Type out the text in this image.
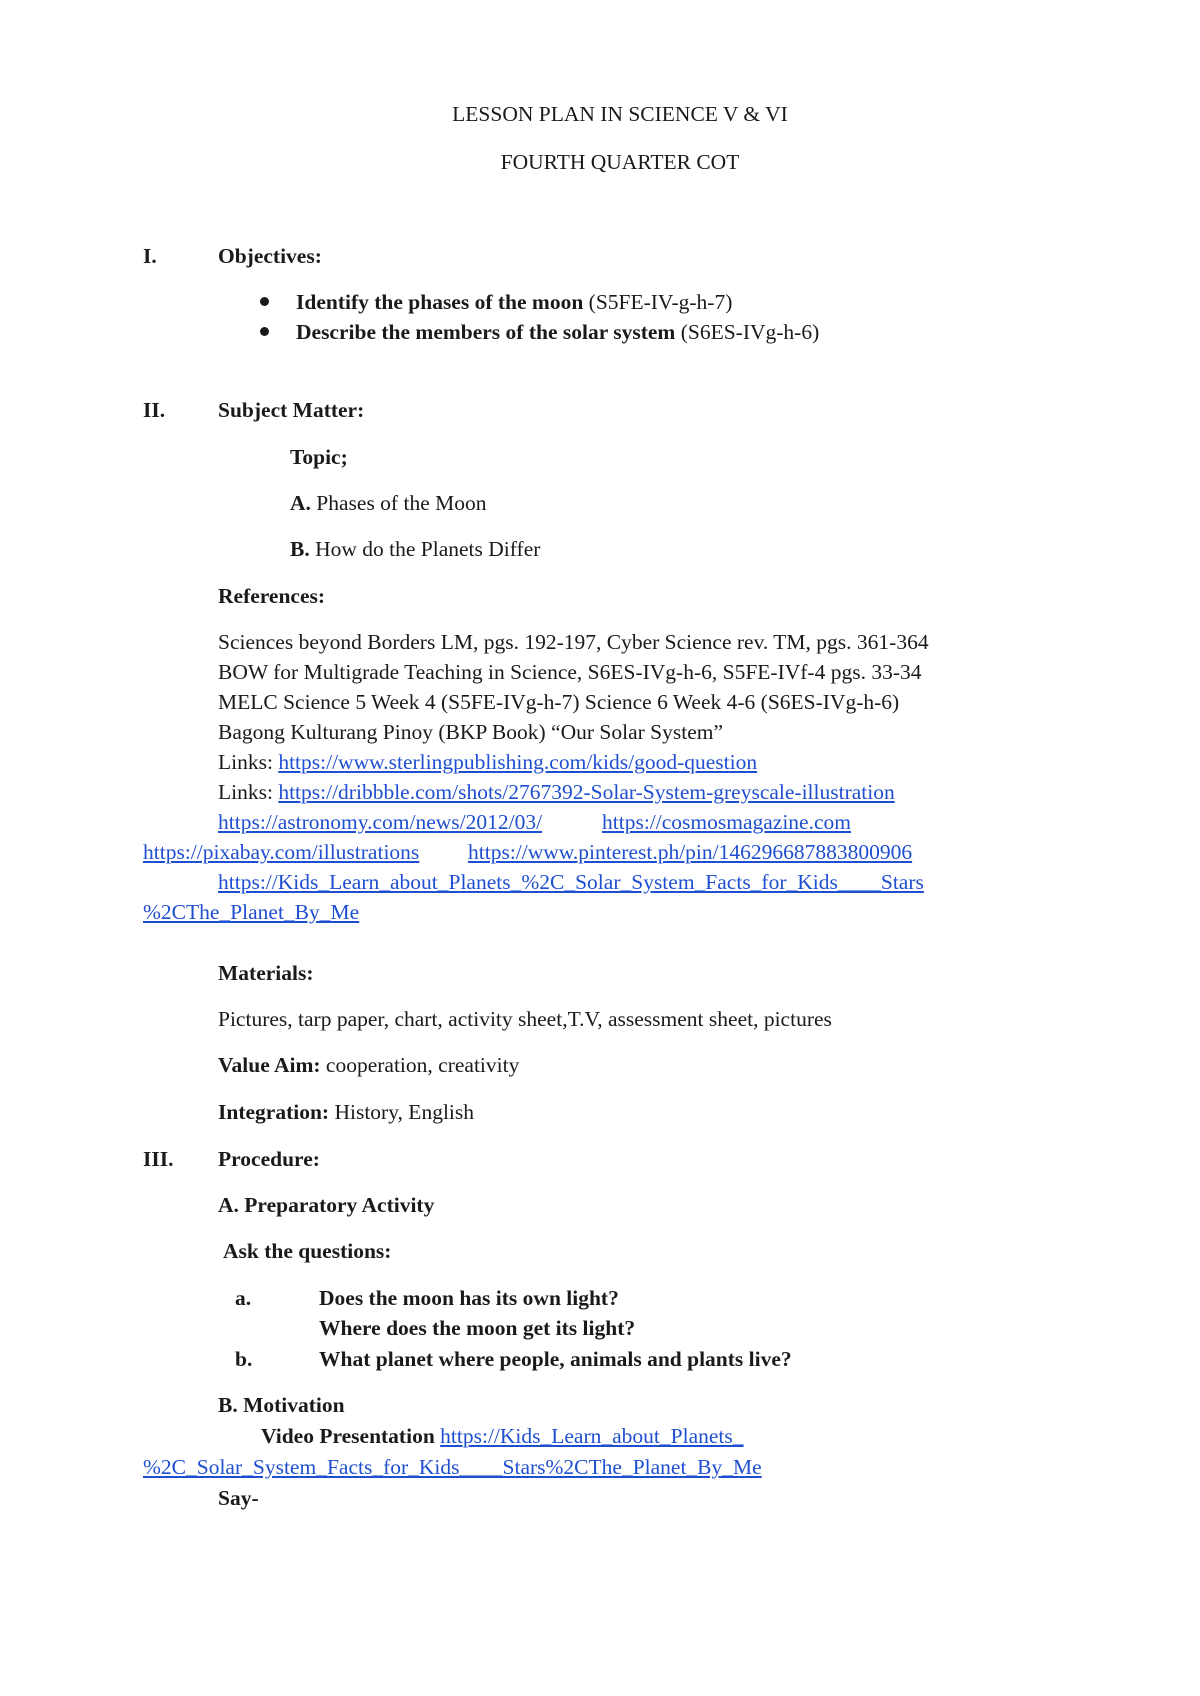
LESSON PLAN IN SCIENCE V & VI
FOURTH QUARTER COT
I.	Objectives:
Identify the phases of the moon (S5FE-IV-g-h-7)
Describe the members of the solar system (S6ES-IVg-h-6)
II. Subject Matter:
Topic;
A. Phases of the Moon
B. How do the Planets Differ
References:
Sciences beyond Borders LM, pgs. 192-197, Cyber Science rev. TM, pgs. 361-364
BOW for Multigrade Teaching in Science, S6ES-IVg-h-6, S5FE-IVf-4 pgs. 33-34
MELC Science 5 Week 4 (S5FE-IVg-h-7) Science 6 Week 4-6 (S6ES-IVg-h-6)
Bagong Kulturang Pinoy (BKP Book) “Our Solar System”
Links: https://www.sterlingpublishing.com/kids/good-question
Links: https://dribbble.com/shots/2767392-Solar-System-greyscale-illustration
https://astronomy.com/news/2012/03/	https://cosmosmagazine.com
https://pixabay.com/illustrations https://www.pinterest.ph/pin/146296687883800906
https://Kids_Learn_about_Planets_%2C_Solar_System_Facts_for_Kids____Stars
%2CThe_Planet_By_Me
Materials:
Pictures, tarp paper, chart, activity sheet,T.V, assessment sheet, pictures
Value Aim: cooperation, creativity
Integration: History, English
III. Procedure:
A. Preparatory Activity
Ask the questions:
a.	Does the moon has its own light?
Where does the moon get its light?
b.	What planet where people, animals and plants live?
B. Motivation
Video Presentation https://Kids_Learn_about_Planets_
%2C_Solar_System_Facts_for_Kids____Stars%2CThe_Planet_By_Me
Say-
